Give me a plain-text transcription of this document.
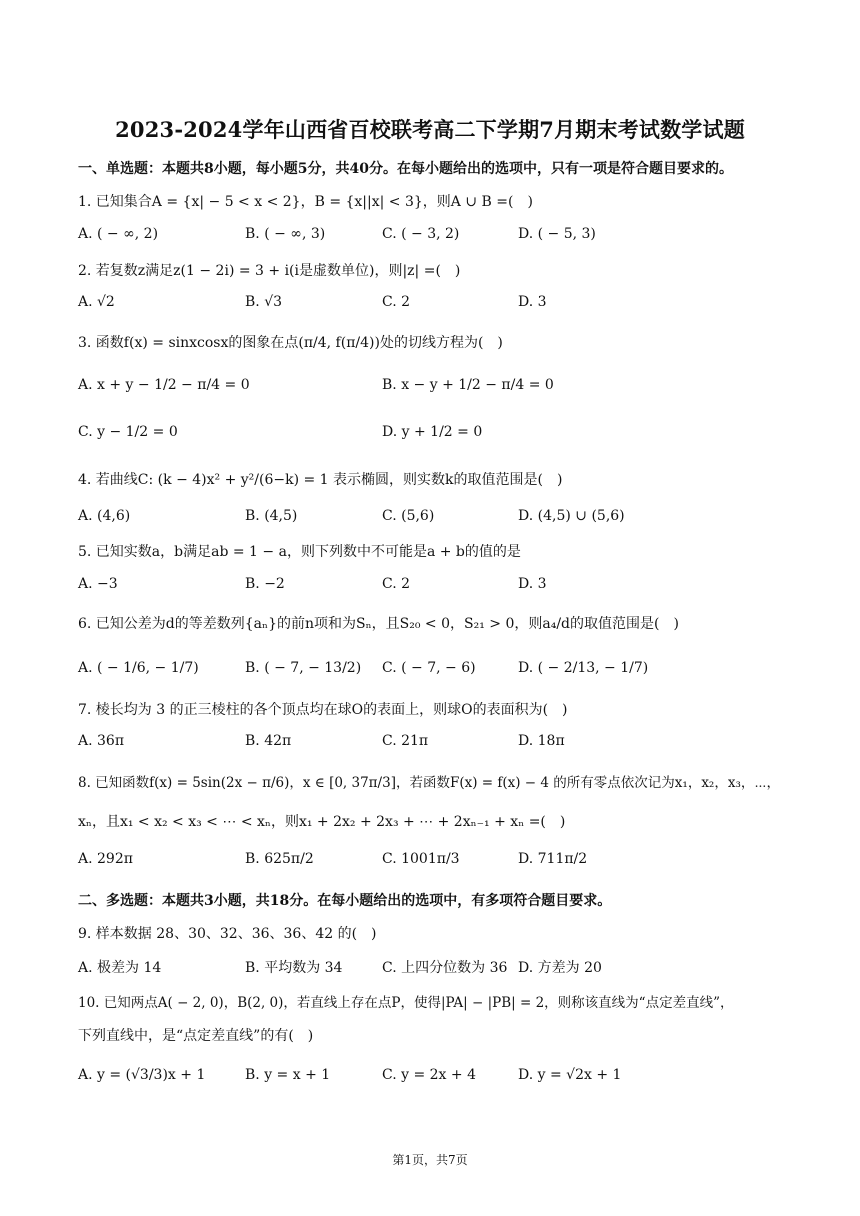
2023-2024学年山西省百校联考高二下学期7月期末考试数学试题
一、单选题：本题共8小题，每小题5分，共40分。在每小题给出的选项中，只有一项是符合题目要求的。
1. 已知集合A = {x| − 5 < x < 2}，B = {x||x| < 3}，则A ∪ B =(　)
A. ( − ∞, 2)	B. ( − ∞, 3)	C. ( − 3, 2)	D. ( − 5, 3)
2. 若复数z满足z(1 − 2i) = 3 + i(i是虚数单位)，则|z| =(　)
A. √2	B. √3	C. 2	D. 3
3. 函数f(x) = sinxcosx的图象在点(π/4, f(π/4))处的切线方程为(　)
A. x + y − 1/2 − π/4 = 0	B. x − y + 1/2 − π/4 = 0
C. y − 1/2 = 0	D. y + 1/2 = 0
4. 若曲线C: (k − 4)x² + y²/(6−k) = 1 表示椭圆，则实数k的取值范围是(　)
A. (4,6)	B. (4,5)	C. (5,6)	D. (4,5) ∪ (5,6)
5. 已知实数a，b满足ab = 1 − a，则下列数中不可能是a + b的值的是
A. −3	B. −2	C. 2	D. 3
6. 已知公差为d的等差数列{aₙ}的前n项和为Sₙ，且S₂₀ < 0，S₂₁ > 0，则a₄/d的取值范围是(　)
A. ( − 1/6, − 1/7)	B. ( − 7, − 13/2) C. ( − 7, − 6)	D. ( − 2/13, − 1/7)
7. 棱长均为 3 的正三棱柱的各个顶点均在球O的表面上，则球O的表面积为(　)
A. 36π	B. 42π	C. 21π	D. 18π
8. 已知函数f(x) = 5sin(2x − π/6)，x ∈ [0, 37π/3]，若函数F(x) = f(x) − 4 的所有零点依次记为x₁，x₂，x₃，⋯，
xₙ，且x₁ < x₂ < x₃ < ⋯ < xₙ，则x₁ + 2x₂ + 2x₃ + ⋯ + 2xₙ₋₁ + xₙ =(　)
A. 292π	B. 625π/2	C. 1001π/3	D. 711π/2
二、多选题：本题共3小题，共18分。在每小题给出的选项中，有多项符合题目要求。
9. 样本数据 28、30、32、36、36、42 的(　)
A. 极差为 14	B. 平均数为 34	C. 上四分位数为 36 D. 方差为 20
10. 已知两点A( − 2, 0)，B(2, 0)，若直线上存在点P，使得|PA| − |PB| = 2，则称该直线为“点定差直线”，
下列直线中，是“点定差直线”的有(　)
A. y = (√3/3)x + 1	B. y = x + 1	C. y = 2x + 4	D. y = √2x + 1
第1页，共7页
